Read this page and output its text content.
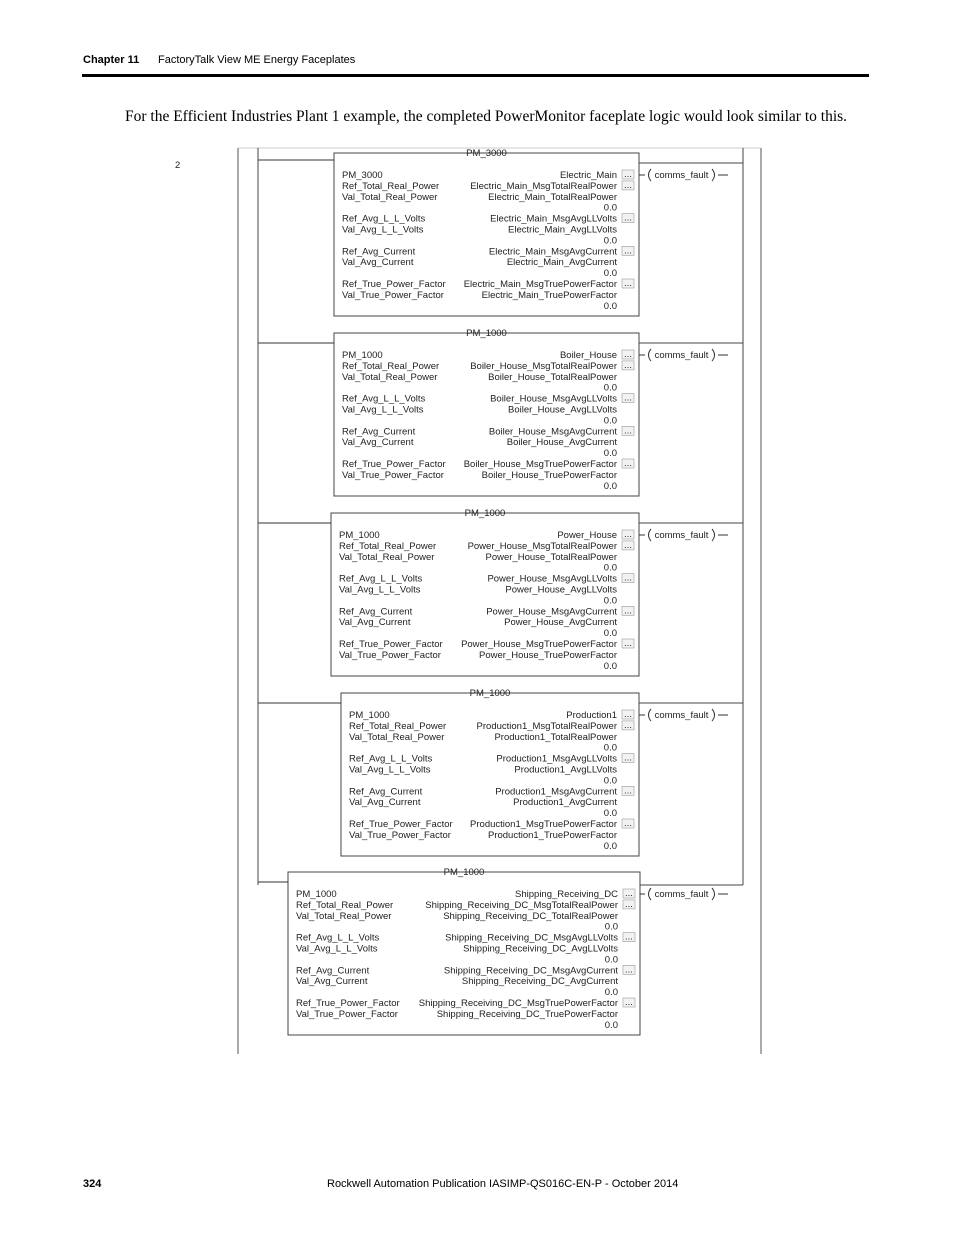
Chapter 11 FactoryTalk View ME Energy Faceplates
For the Efficient Industries Plant 1 example, the completed PowerMonitor faceplate logic would look similar to this.
2
PM_3000
PM_3000	Electric_Main ...
Ref_Total_Real_Power	Electric_Main_MsgTotalRealPower ...
Val_Total_Real_Power	Electric_Main_TotalRealPower
0.0
Ref_Avg_L_L_Volts	Electric_Main_MsgAvgLLVolts ...
Val_Avg_L_L_Volts	Electric_Main_AvgLLVolts
0.0
Ref_Avg_Current	Electric_Main_MsgAvgCurrent ...
Val_Avg_Current	Electric_Main_AvgCurrent
0.0
Ref_True_Power_Factor Electric_Main_MsgTruePowerFactor ...
Val_True_Power_Factor	Electric_Main_TruePowerFactor
0.0
comms_fault
PM_1000
PM_1000	Boiler_House ...
Ref_Total_Real_Power	Boiler_House_MsgTotalRealPower ...
Val_Total_Real_Power	Boiler_House_TotalRealPower
0.0
Ref_Avg_L_L_Volts	Boiler_House_MsgAvgLLVolts ...
Val_Avg_L_L_Volts	Boiler_House_AvgLLVolts
0.0
Ref_Avg_Current	Boiler_House_MsgAvgCurrent ...
Val_Avg_Current	Boiler_House_AvgCurrent
0.0
Ref_True_Power_Factor Boiler_House_MsgTruePowerFactor ...
Val_True_Power_Factor	Boiler_House_TruePowerFactor
0.0
comms_fault
PM_1000
PM_1000	Power_House ...
Ref_Total_Real_Power	Power_House_MsgTotalRealPower ...
Val_Total_Real_Power	Power_House_TotalRealPower
0.0
Ref_Avg_L_L_Volts	Power_House_MsgAvgLLVolts ...
Val_Avg_L_L_Volts	Power_House_AvgLLVolts
0.0
Ref_Avg_Current	Power_House_MsgAvgCurrent ...
Val_Avg_Current	Power_House_AvgCurrent
0.0
Ref_True_Power_Factor Power_House_MsgTruePowerFactor ...
Val_True_Power_Factor	Power_House_TruePowerFactor
0.0
comms_fault
PM_1000
PM_1000	Production1 ...
Ref_Total_Real_Power	Production1_MsgTotalRealPower ...
Val_Total_Real_Power	Production1_TotalRealPower
0.0
Ref_Avg_L_L_Volts	Production1_MsgAvgLLVolts ...
Val_Avg_L_L_Volts	Production1_AvgLLVolts
0.0
Ref_Avg_Current	Production1_MsgAvgCurrent ...
Val_Avg_Current	Production1_AvgCurrent
0.0
Ref_True_Power_Factor Production1_MsgTruePowerFactor ...
Val_True_Power_Factor	Production1_TruePowerFactor
0.0
comms_fault
PM_1000
PM_1000	Shipping_Receiving_DC ...
Ref_Total_Real_Power	Shipping_Receiving_DC_MsgTotalRealPower ...
Val_Total_Real_Power	Shipping_Receiving_DC_TotalRealPower
0.0
Ref_Avg_L_L_Volts	Shipping_Receiving_DC_MsgAvgLLVolts ...
Val_Avg_L_L_Volts	Shipping_Receiving_DC_AvgLLVolts
0.0
Ref_Avg_Current	Shipping_Receiving_DC_MsgAvgCurrent ...
Val_Avg_Current	Shipping_Receiving_DC_AvgCurrent
0.0
Ref_True_Power_Factor Shipping_Receiving_DC_MsgTruePowerFactor ...
Val_True_Power_Factor	Shipping_Receiving_DC_TruePowerFactor
0.0
comms_fault
324	Rockwell Automation Publication IASIMP-QS016C-EN-P - October 2014
